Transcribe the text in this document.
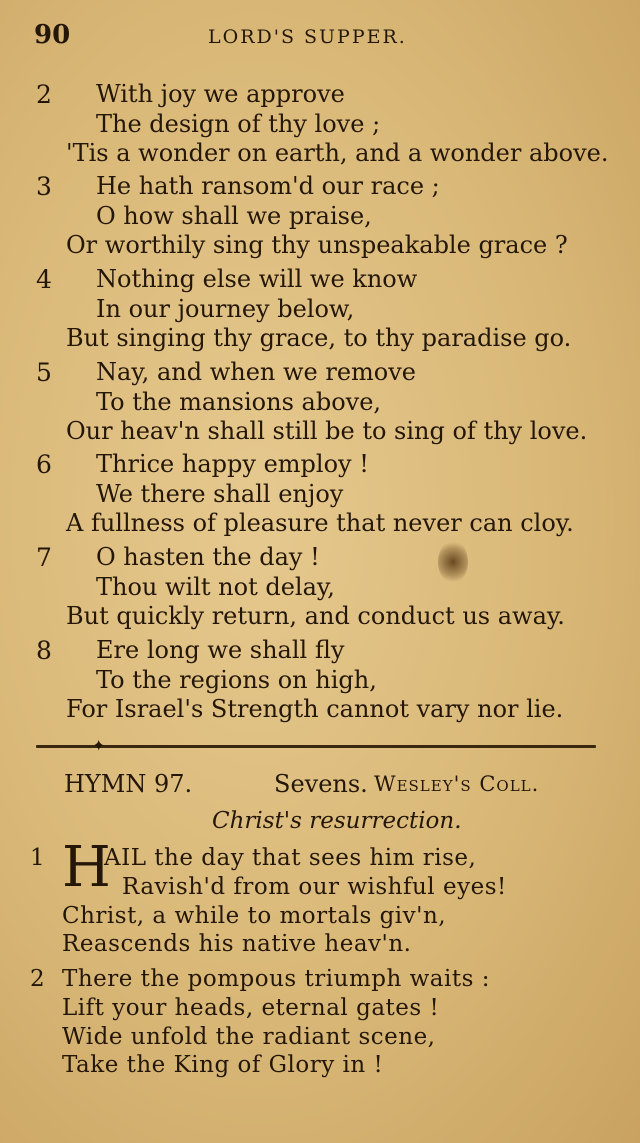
90	LORD'S SUPPER.
2 With joy we approve
The design of thy love ;
'Tis a wonder on earth, and a wonder above.
3 He hath ransom'd our race ;
O how shall we praise,
Or worthily sing thy unspeakable grace ?
4 Nothing else will we know
In our journey below,
But singing thy grace, to thy paradise go.
5 Nay, and when we remove
To the mansions above,
Our heav'n shall still be to sing of thy love.
6 Thrice happy employ !
We there shall enjoy
A fullness of pleasure that never can cloy.
7 O hasten the day !
Thou wilt not delay,
But quickly return, and conduct us away.
8 Ere long we shall fly
To the regions on high,
For Israel's Strength cannot vary nor lie.
✦
HYMN 97.	Sevens. Wesley's Coll.
Christ's resurrection.
H
1	AIL the day that sees him rise,
Ravish'd from our wishful eyes!
Christ, a while to mortals giv'n,
Reascends his native heav'n.
2 There the pompous triumph waits :
Lift your heads, eternal gates !
Wide unfold the radiant scene,
Take the King of Glory in !
